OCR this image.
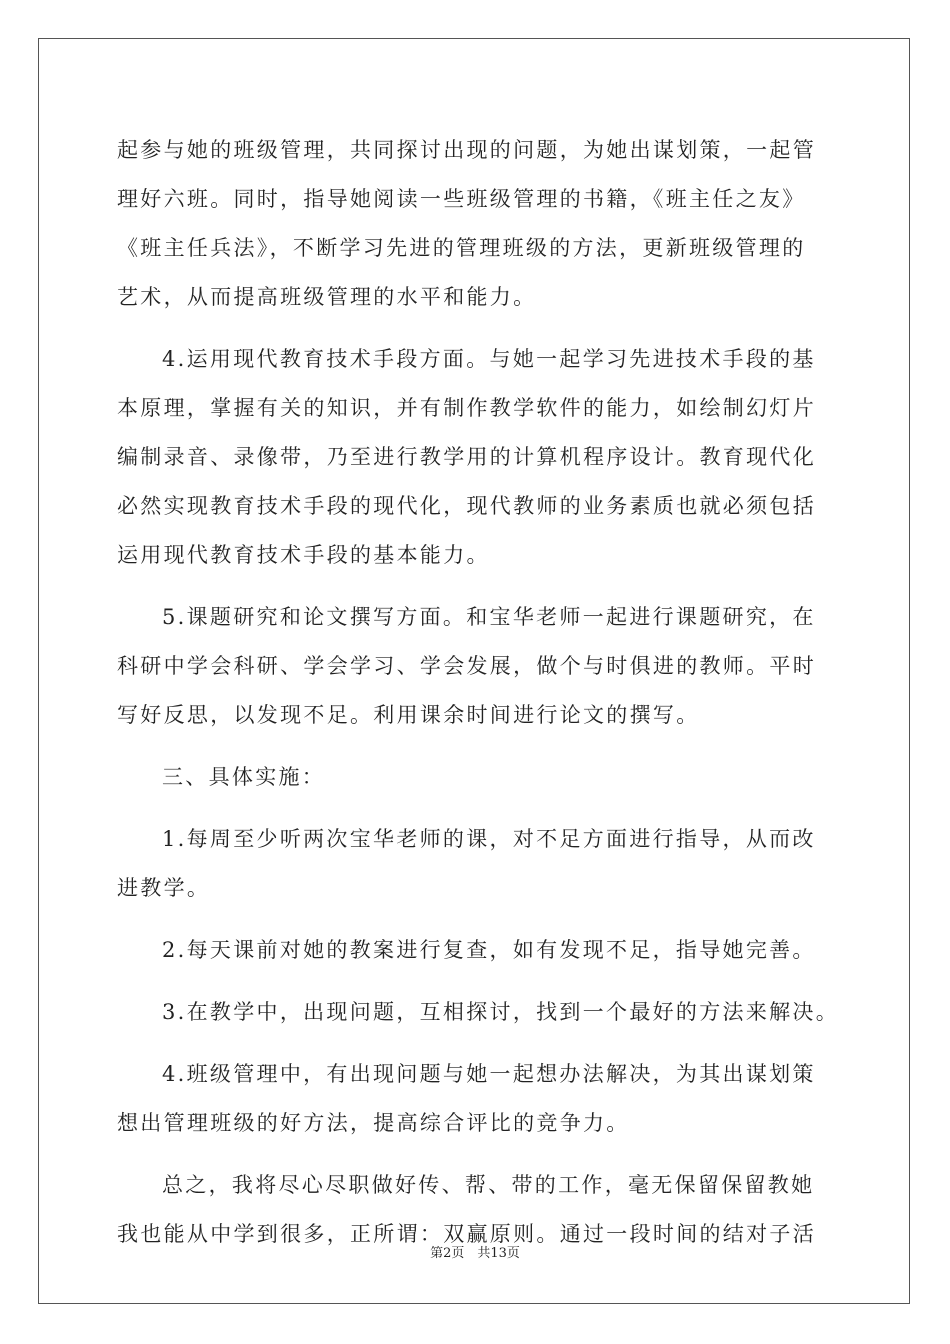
起参与她的班级管理，共同探讨出现的问题，为她出谋划策，一起管
理好六班。同时，指导她阅读一些班级管理的书籍，《班主任之友》
《班主任兵法》，不断学习先进的管理班级的方法，更新班级管理的
艺术，从而提高班级管理的水平和能力。
4.运用现代教育技术手段方面。与她一起学习先进技术手段的基
本原理，掌握有关的知识，并有制作教学软件的能力，如绘制幻灯片
编制录音、录像带，乃至进行教学用的计算机程序设计。教育现代化
必然实现教育技术手段的现代化，现代教师的业务素质也就必须包括
运用现代教育技术手段的基本能力。
5.课题研究和论文撰写方面。和宝华老师一起进行课题研究，在
科研中学会科研、学会学习、学会发展，做个与时俱进的教师。平时
写好反思，以发现不足。利用课余时间进行论文的撰写。
三、具体实施：
1.每周至少听两次宝华老师的课，对不足方面进行指导，从而改
进教学。
2.每天课前对她的教案进行复查，如有发现不足，指导她完善。
3.在教学中，出现问题，互相探讨，找到一个最好的方法来解决。
4.班级管理中，有出现问题与她一起想办法解决，为其出谋划策
想出管理班级的好方法，提高综合评比的竞争力。
总之，我将尽心尽职做好传、帮、带的工作，毫无保留保留教她
我也能从中学到很多，正所谓：双赢原则。通过一段时间的结对子活
第2页　共13页
